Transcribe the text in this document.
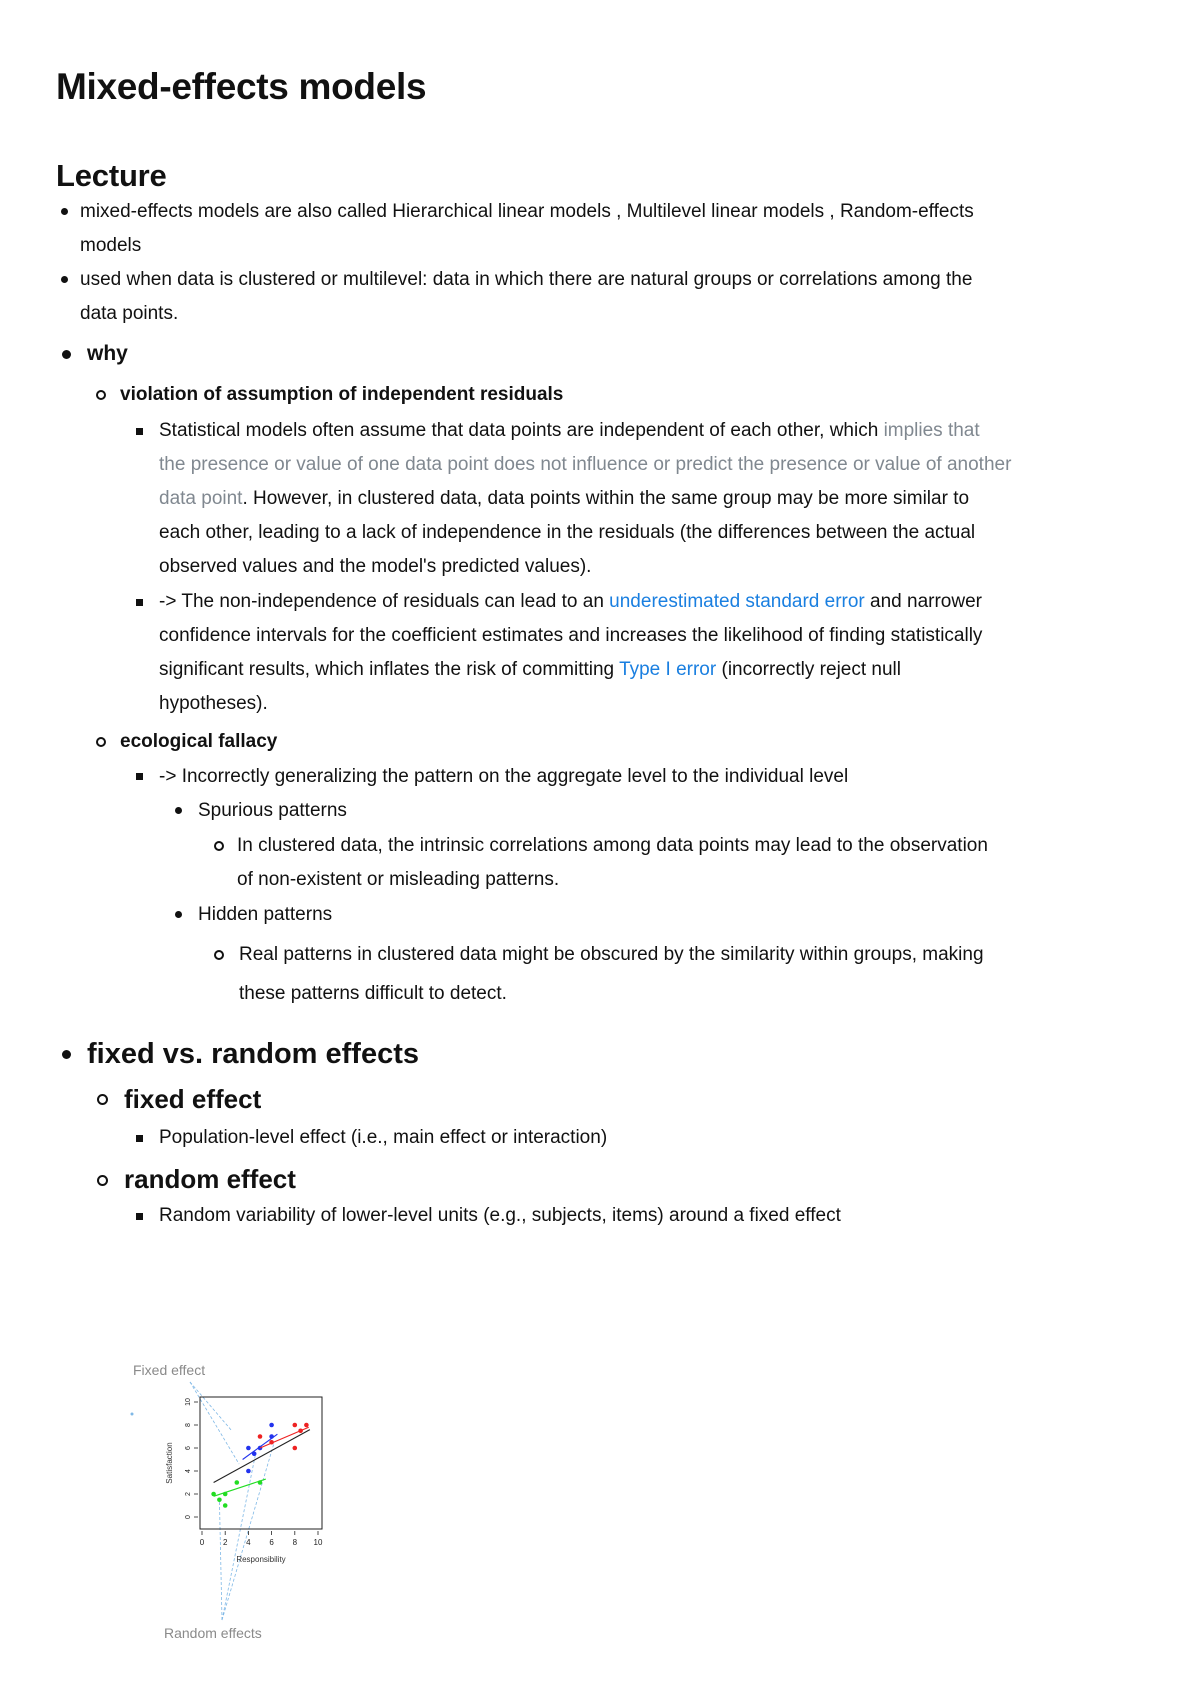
Mixed-effects models
Lecture
mixed-effects models are also called Hierarchical linear models , Multilevel linear models , Random-effects
models
used when data is clustered or multilevel: data in which there are natural groups or correlations among the
data points.
why
violation of assumption of independent residuals
Statistical models often assume that data points are independent of each other, which implies that
the presence or value of one data point does not influence or predict the presence or value of another
data point. However, in clustered data, data points within the same group may be more similar to
each other, leading to a lack of independence in the residuals (the differences between the actual
observed values and the model's predicted values).
-> The non-independence of residuals can lead to an underestimated standard error and narrower
confidence intervals for the coefficient estimates and increases the likelihood of finding statistically
significant results, which inflates the risk of committing Type I error (incorrectly reject null
hypotheses).
ecological fallacy
-> Incorrectly generalizing the pattern on the aggregate level to the individual level
Spurious patterns
In clustered data, the intrinsic correlations among data points may lead to the observation
of non-existent or misleading patterns.
Hidden patterns
Real patterns in clustered data might be obscured by the similarity within groups, making
these patterns difficult to detect.
fixed vs. random effects
fixed effect
Population-level effect (i.e., main effect or interaction)
random effect
Random variability of lower-level units (e.g., subjects, items) around a fixed effect
0 2 4 6 8 10
0
2
4
6
8
10
Responsibility
Satisfaction
Fixed effect
Random effects
